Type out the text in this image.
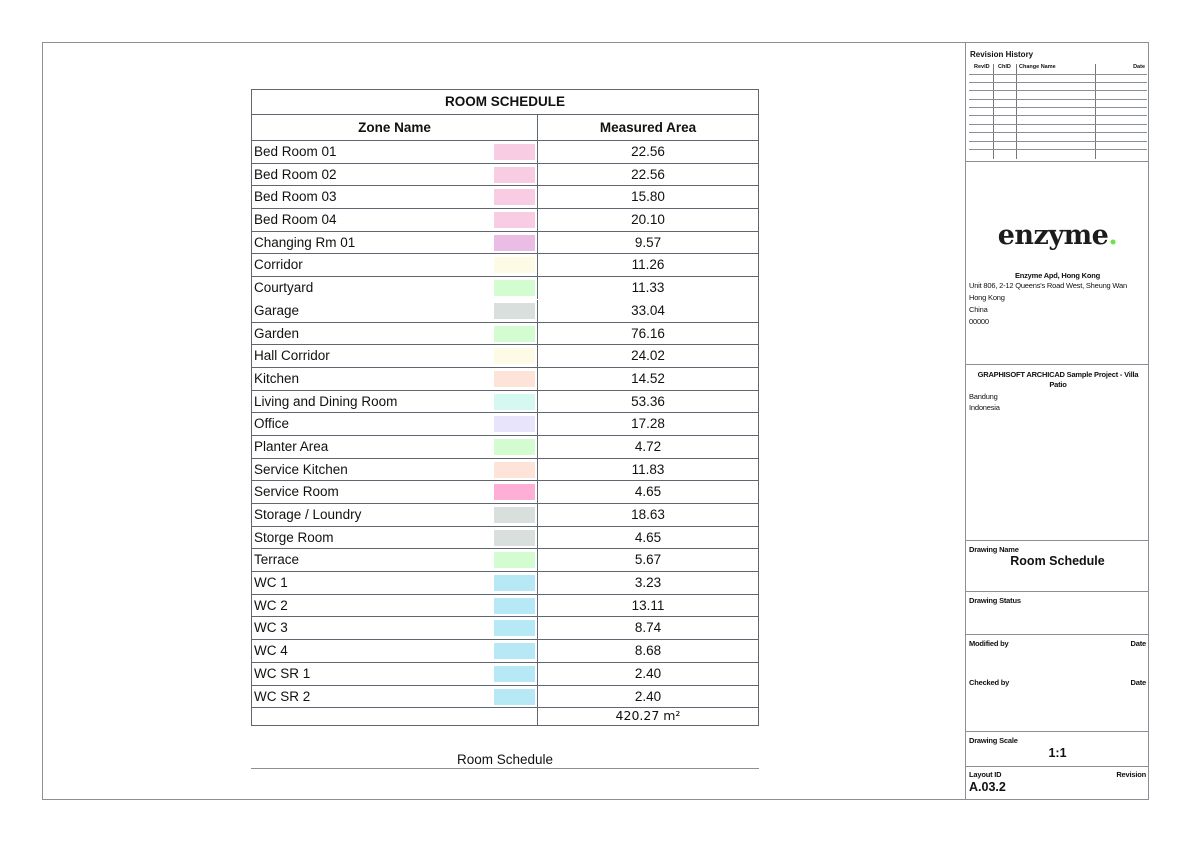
ROOM SCHEDULE
Zone Name	Measured Area
Bed Room 01	22.56
Bed Room 02	22.56
Bed Room 03	15.80
Bed Room 04	20.10
Changing Rm 01	9.57
Corridor	11.26
Courtyard	11.33
Garage	33.04
Garden	76.16
Hall Corridor	24.02
Kitchen	14.52
Living and Dining Room	53.36
Office	17.28
Planter Area	4.72
Service Kitchen	11.83
Service Room	4.65
Storage / Loundry	18.63
Storge Room	4.65
Terrace	5.67
WC 1	3.23
WC 2	13.11
WC 3	8.74
WC 4	8.68
WC SR 1	2.40
WC SR 2	2.40
420.27 m²
Room Schedule
Revision History
RevID ChID Change Name	Date
enzyme.
Enzyme Apd, Hong Kong
Unit 806, 2-12 Queens's Road West, Sheung Wan
Hong Kong
China
00000
GRAPHISOFT ARCHICAD Sample Project - Villa Patio
Bandung
Indonesia
Drawing Name
Room Schedule
Drawing Status
Modified by	Date
Checked by	Date
Drawing Scale
1:1
Layout ID	Revision
A.03.2
